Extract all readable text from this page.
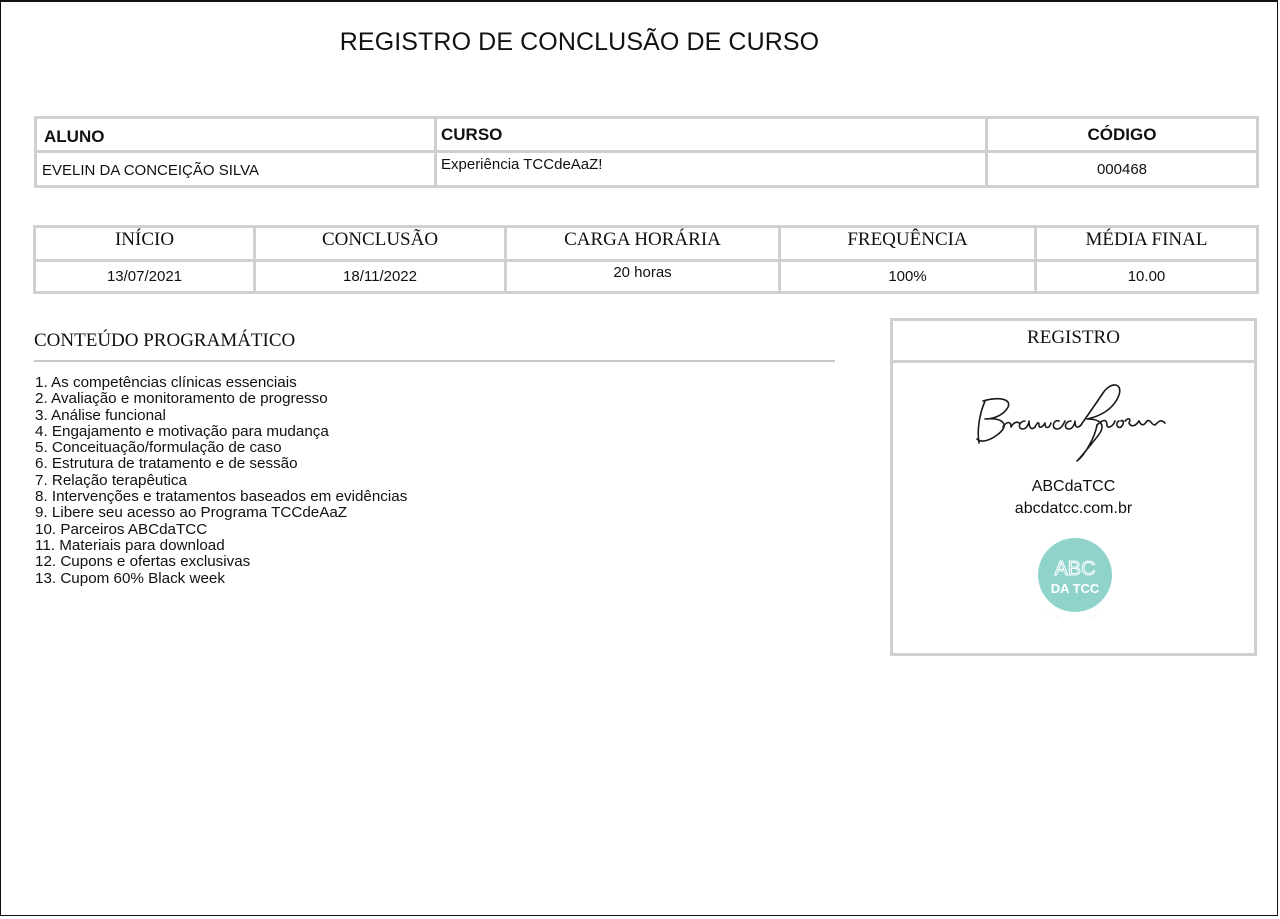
REGISTRO DE CONCLUSÃO DE CURSO
ALUNO	CURSO	CÓDIGO
EVELIN DA CONCEIÇÃO SILVA	Experiência TCCdeAaZ!	000468
INÍCIO	CONCLUSÃO	CARGA HORÁRIA	FREQUÊNCIA	MÉDIA FINAL
13/07/2021	18/11/2022	20 horas	100%	10.00
CONTEÚDO PROGRAMÁTICO
1. As competências clínicas essenciais
2. Avaliação e monitoramento de progresso
3. Análise funcional
4. Engajamento e motivação para mudança
5. Conceituação/formulação de caso
6. Estrutura de tratamento e de sessão
7. Relação terapêutica
8. Intervenções e tratamentos baseados em evidências
9. Libere seu acesso ao Programa TCCdeAaZ
10. Parceiros ABCdaTCC
11. Materiais para download
12. Cupons e ofertas exclusivas
13. Cupom 60% Black week
REGISTRO
ABCdaTCC
abcdatcc.com.br
ABC
DA TCC
